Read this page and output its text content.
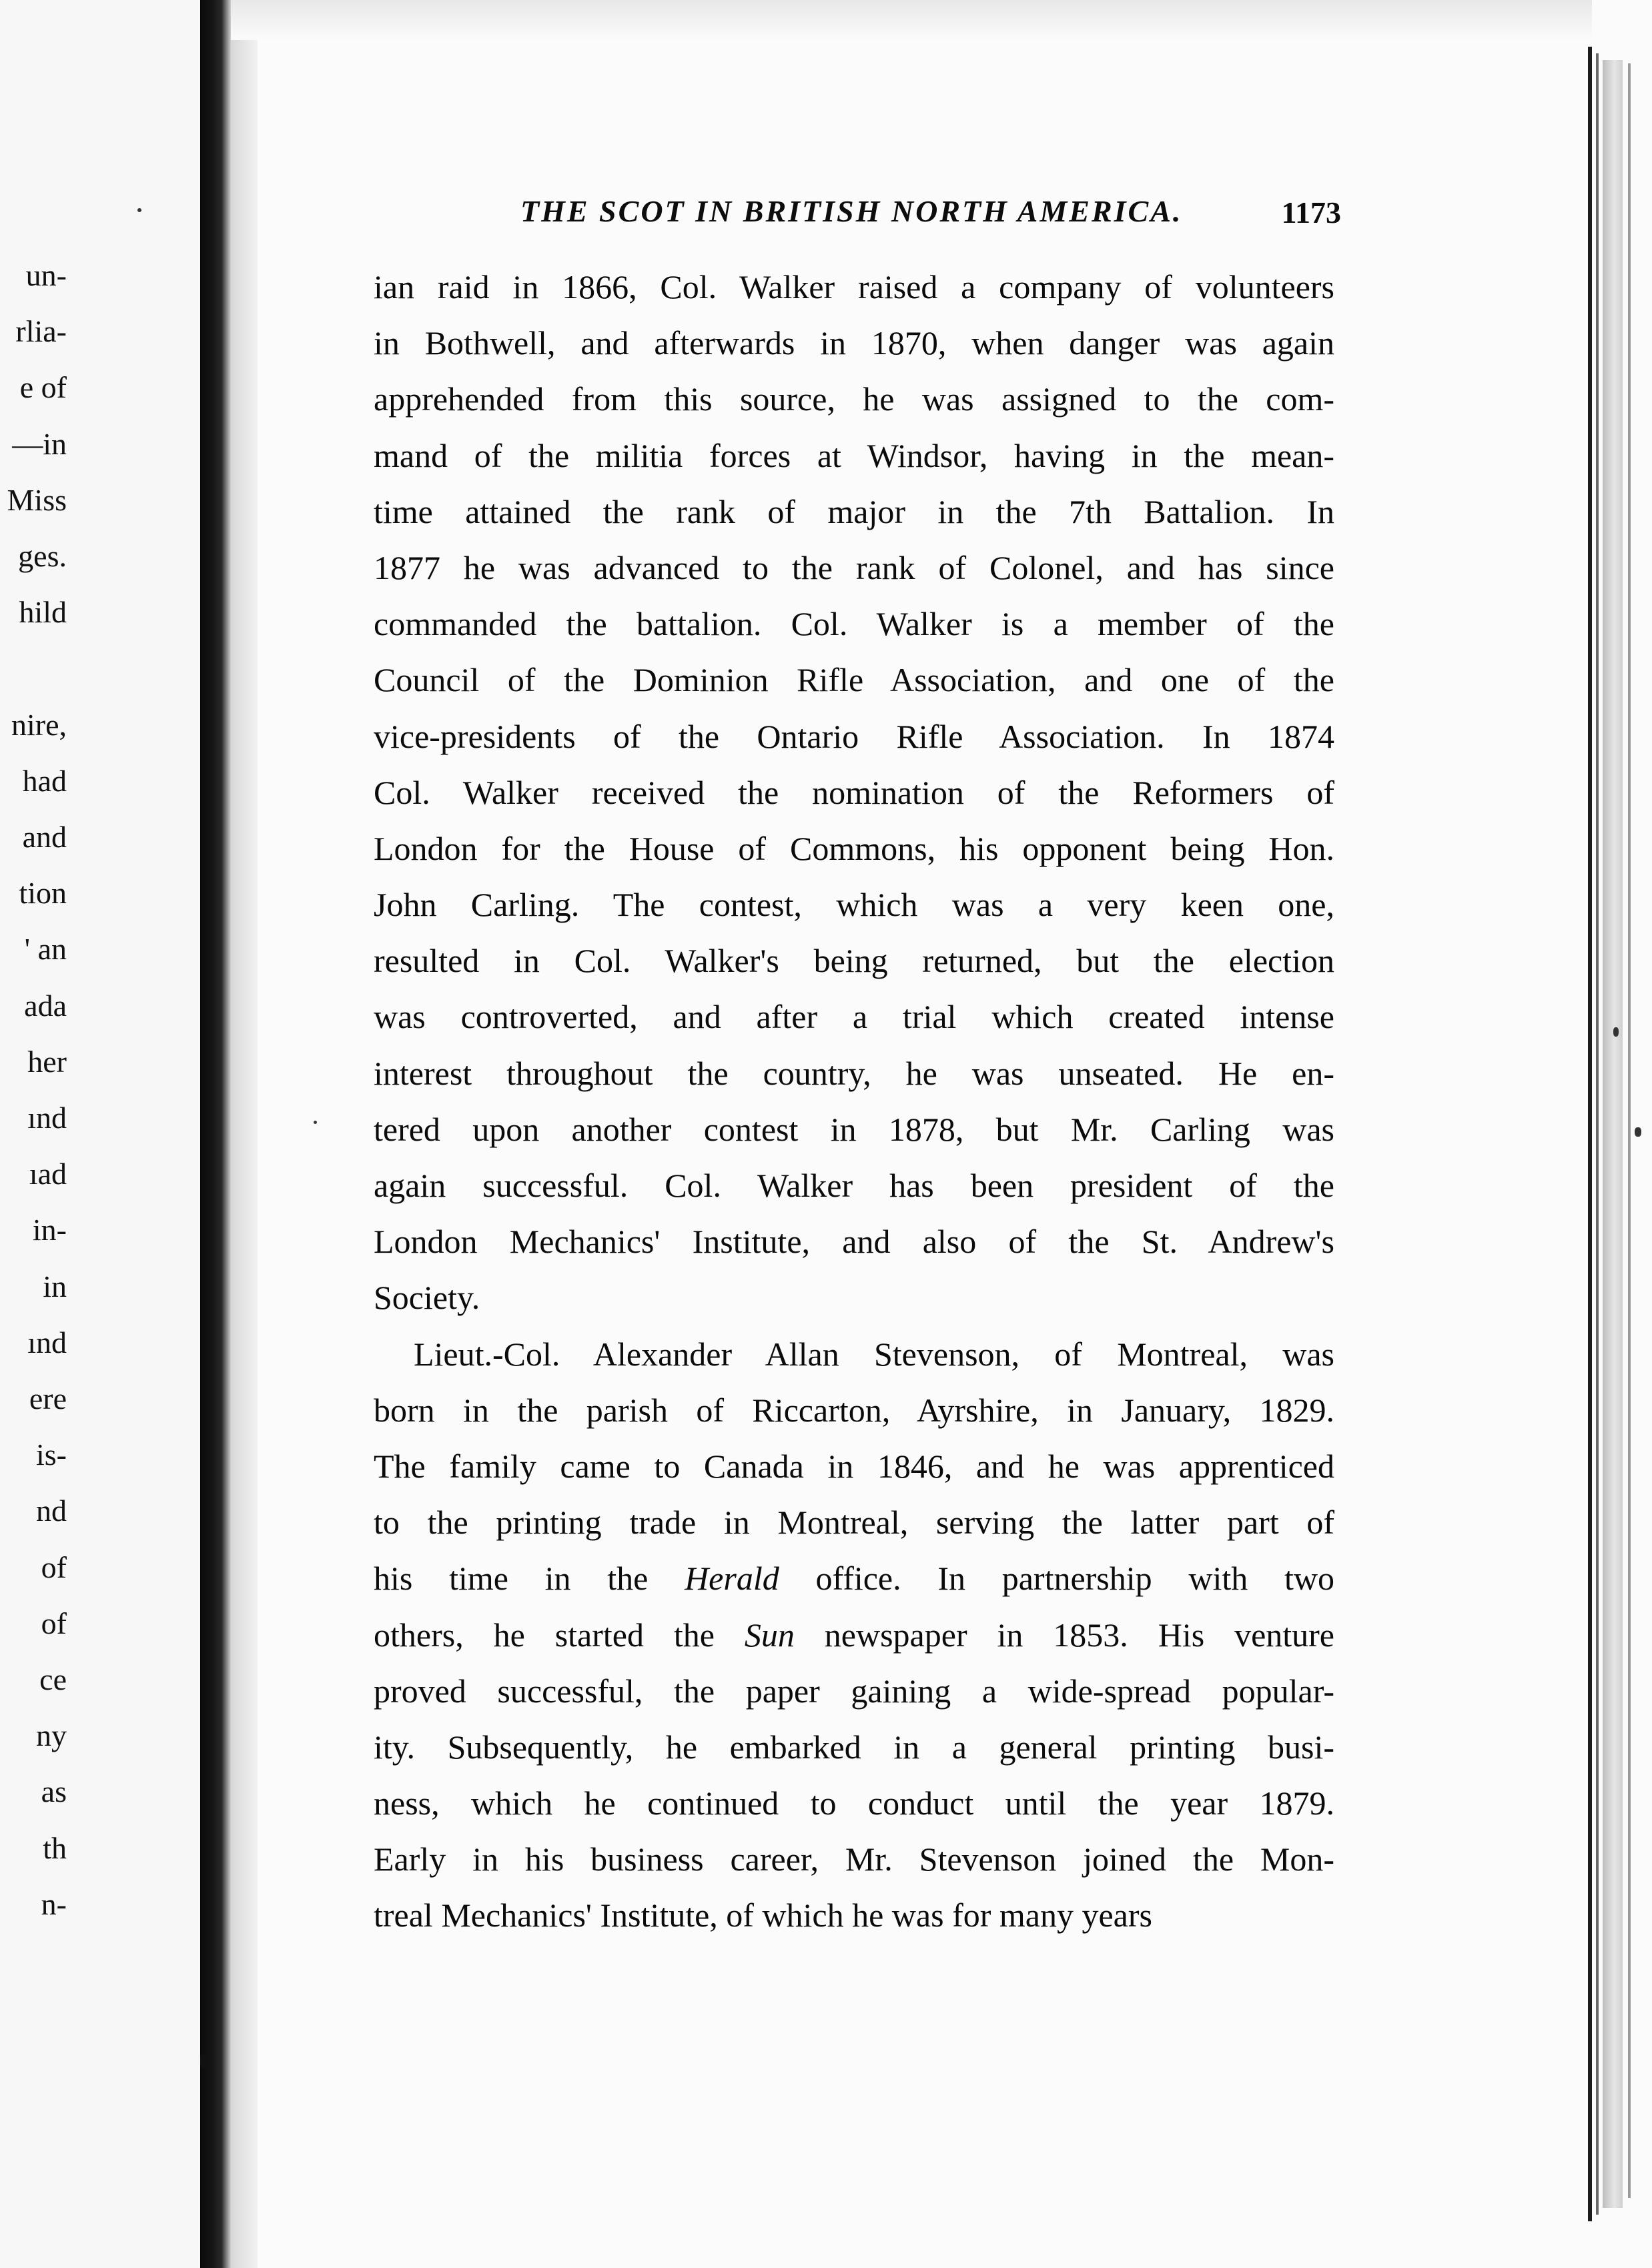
un-
rlia-
e of
—in
Miss
ges.
hild
nire,
had
and
tion
' an
ada
her
ınd
ıad
in-
in
ınd
ere
is-
nd
of
of
ce
ny
as
th
n-
THE SCOT IN BRITISH NORTH AMERICA.	1173
ian raid in 1866, Col. Walker raised a company of volunteers
in Bothwell, and afterwards in 1870, when danger was again
apprehended from this source, he was assigned to the com-
mand of the militia forces at Windsor, having in the mean-
time attained the rank of major in the 7th Battalion. In
1877 he was advanced to the rank of Colonel, and has since
commanded the battalion. Col. Walker is a member of the
Council of the Dominion Rifle Association, and one of the
vice-presidents of the Ontario Rifle Association. In 1874
Col. Walker received the nomination of the Reformers of
London for the House of Commons, his opponent being Hon.
John Carling. The contest, which was a very keen one,
resulted in Col. Walker's being returned, but the election
was controverted, and after a trial which created intense
interest throughout the country, he was unseated. He en-
tered upon another contest in 1878, but Mr. Carling was
again successful. Col. Walker has been president of the
London Mechanics' Institute, and also of the St. Andrew's
Society.
Lieut.-Col. Alexander Allan Stevenson, of Montreal, was
born in the parish of Riccarton, Ayrshire, in January, 1829.
The family came to Canada in 1846, and he was apprenticed
to the printing trade in Montreal, serving the latter part of
his time in the Herald office. In partnership with two
others, he started the Sun newspaper in 1853. His venture
proved successful, the paper gaining a wide-spread popular-
ity. Subsequently, he embarked in a general printing busi-
ness, which he continued to conduct until the year 1879.
Early in his business career, Mr. Stevenson joined the Mon-
treal Mechanics' Institute, of which he was for many years
